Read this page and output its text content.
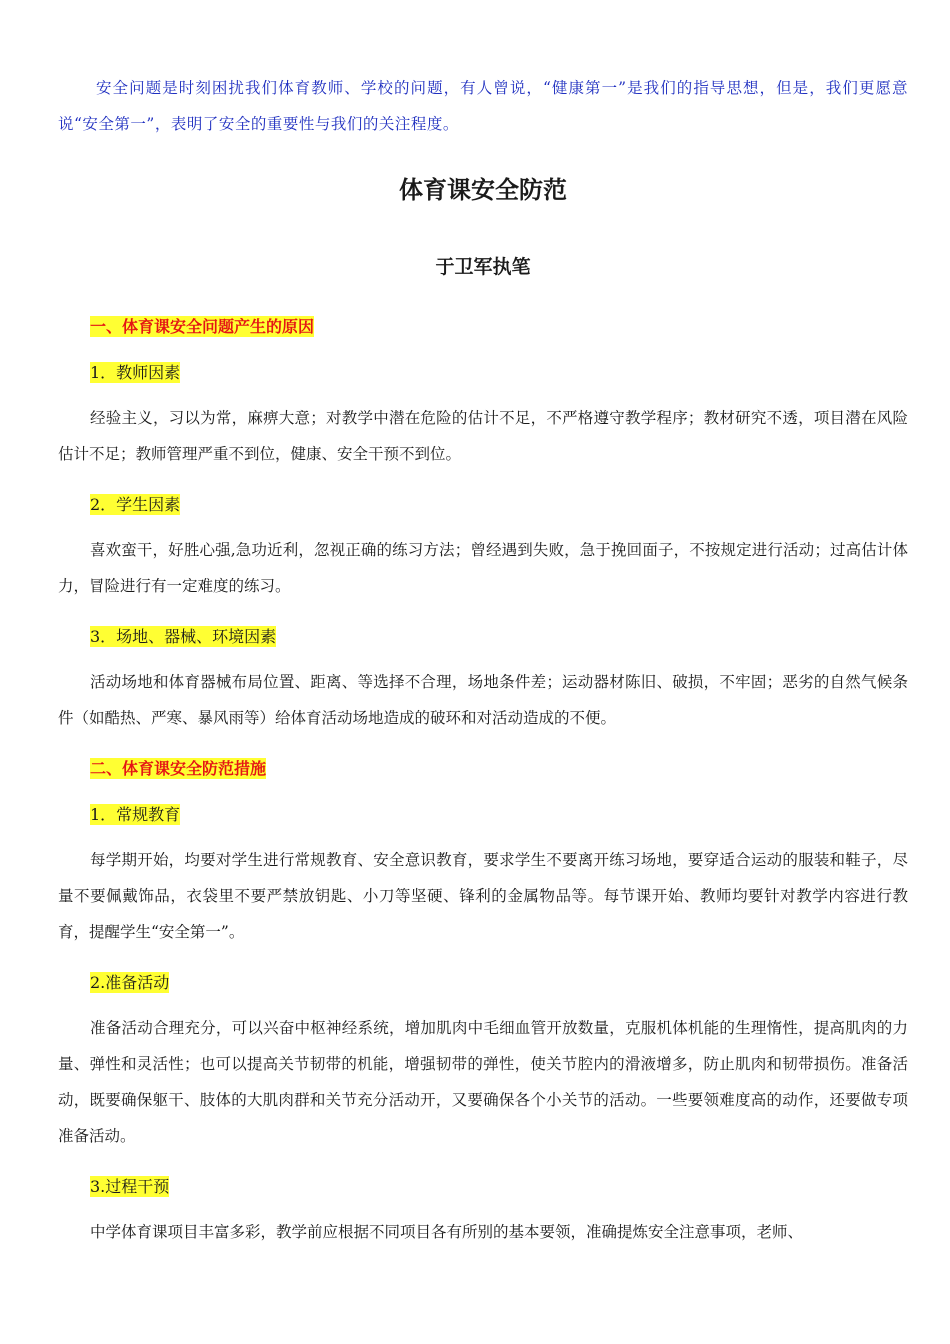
安全问题是时刻困扰我们体育教师、学校的问题，有人曾说，“健康第一”是我们的指导思想，但是，我们更愿意说“安全第一”，表明了安全的重要性与我们的关注程度。

体育课安全防范
于卫军执笔
一、体育课安全问题产生的原因
1．教师因素

经验主义，习以为常，麻痹大意；对教学中潜在危险的估计不足，不严格遵守教学程序；教材研究不透，项目潜在风险估计不足；教师管理严重不到位，健康、安全干预不到位。

2．学生因素

喜欢蛮干，好胜心强,急功近利，忽视正确的练习方法；曾经遇到失败，急于挽回面子，不按规定进行活动；过高估计体力，冒险进行有一定难度的练习。

3．场地、器械、环境因素

活动场地和体育器械布局位置、距离、等选择不合理，场地条件差；运动器材陈旧、破损，不牢固；恶劣的自然气候条件（如酷热、严寒、暴风雨等）给体育活动场地造成的破环和对活动造成的不便。

二、体育课安全防范措施
1．常规教育

每学期开始，均要对学生进行常规教育、安全意识教育，要求学生不要离开练习场地，要穿适合运动的服装和鞋子，尽量不要佩戴饰品，衣袋里不要严禁放钥匙、小刀等坚硬、锋利的金属物品等。每节课开始、教师均要针对教学内容进行教育，提醒学生“安全第一”。

2.准备活动

准备活动合理充分，可以兴奋中枢神经系统，增加肌肉中毛细血管开放数量，克服机体机能的生理惰性，提高肌肉的力量、弹性和灵活性；也可以提高关节韧带的机能，增强韧带的弹性，使关节腔内的滑液增多，防止肌肉和韧带损伤。准备活动，既要确保躯干、肢体的大肌肉群和关节充分活动开，又要确保各个小关节的活动。一些要领难度高的动作，还要做专项准备活动。

3.过程干预

中学体育课项目丰富多彩，教学前应根据不同项目各有所别的基本要领，准确提炼安全注意事项，老师、
